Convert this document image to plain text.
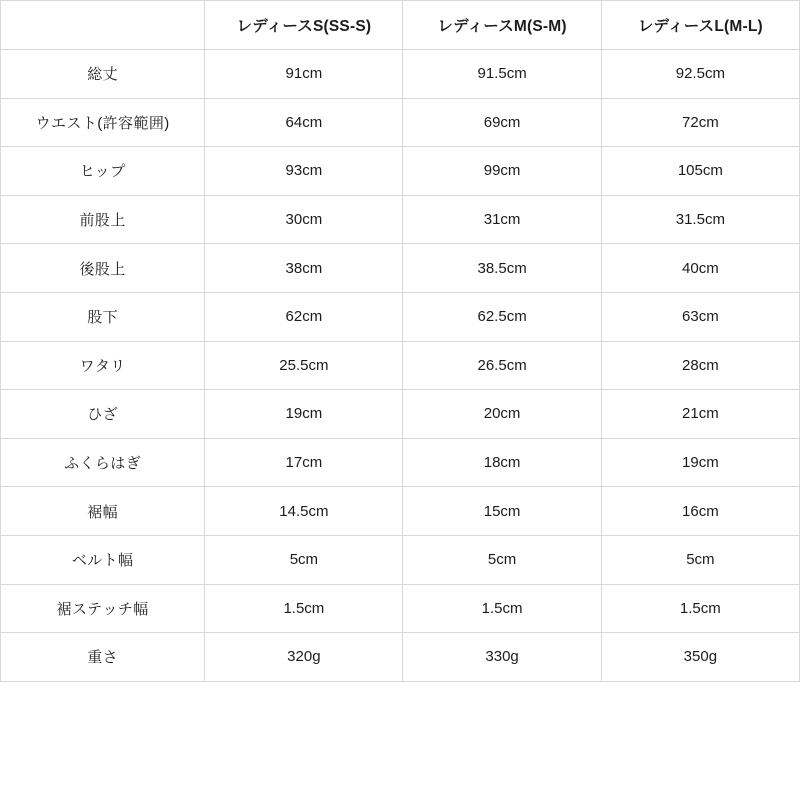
	レディースS(SS-S)	レディースM(S-M)	レディースL(M-L)
総丈	91cm	91.5cm	92.5cm
ウエスト(許容範囲)	64cm	69cm	72cm
ヒップ	93cm	99cm	105cm
前股上	30cm	31cm	31.5cm
後股上	38cm	38.5cm	40cm
股下	62cm	62.5cm	63cm
ワタリ	25.5cm	26.5cm	28cm
ひざ	19cm	20cm	21cm
ふくらはぎ	17cm	18cm	19cm
裾幅	14.5cm	15cm	16cm
ベルト幅	5cm	5cm	5cm
裾ステッチ幅	1.5cm	1.5cm	1.5cm
重さ	320g	330g	350g
